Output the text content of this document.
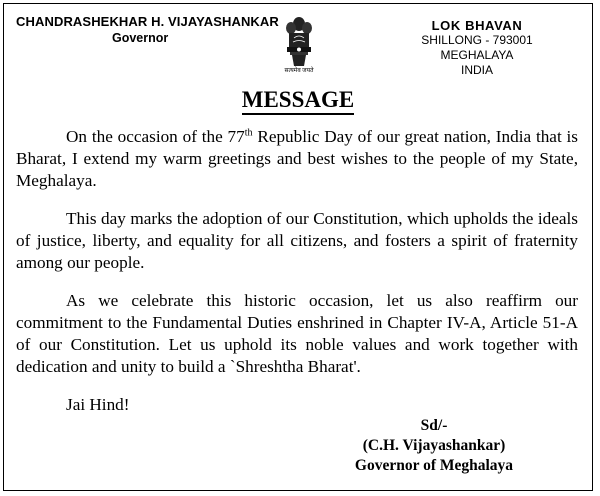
CHANDRASHEKHAR H. VIJAYASHANKAR
Governor
सत्यमेव जयते
LOK BHAVAN
SHILLONG - 793001
MEGHALAYA
INDIA
MESSAGE

On the occasion of the 77th Republic Day of our great nation, India that is Bharat, I extend my warm greetings and best wishes to the people of my State, Meghalaya.

This day marks the adoption of our Constitution, which upholds the ideals of justice, liberty, and equality for all citizens, and fosters a spirit of fraternity among our people.

As we celebrate this historic occasion, let us also reaffirm our commitment to the Fundamental Duties enshrined in Chapter IV-A, Article 51-A of our Constitution. Let us uphold its noble values and work together with dedication and unity to build a `Shreshtha Bharat'.

Jai Hind!

Sd/-
(C.H. Vijayashankar)
Governor of Meghalaya
